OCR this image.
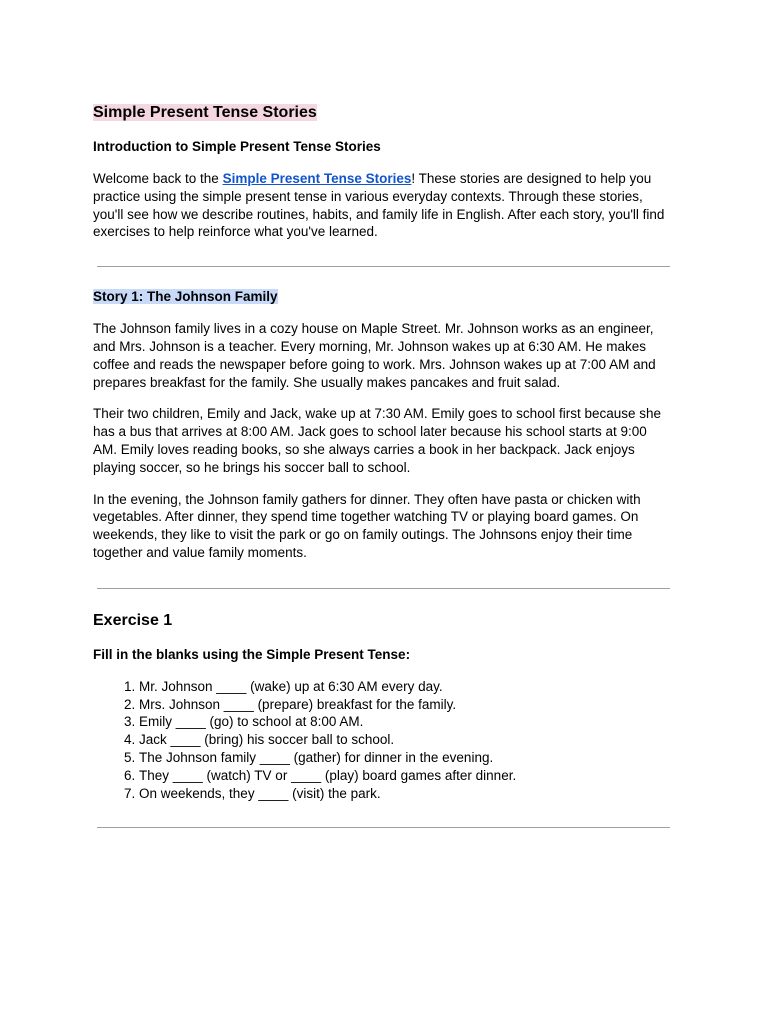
Simple Present Tense Stories
Introduction to Simple Present Tense Stories

Welcome back to the Simple Present Tense Stories! These stories are designed to help you practice using the simple present tense in various everyday contexts. Through these stories, you'll see how we describe routines, habits, and family life in English. After each story, you'll find exercises to help reinforce what you've learned.

Story 1: The Johnson Family

The Johnson family lives in a cozy house on Maple Street. Mr. Johnson works as an engineer, and Mrs. Johnson is a teacher. Every morning, Mr. Johnson wakes up at 6:30 AM. He makes coffee and reads the newspaper before going to work. Mrs. Johnson wakes up at 7:00 AM and prepares breakfast for the family. She usually makes pancakes and fruit salad.

Their two children, Emily and Jack, wake up at 7:30 AM. Emily goes to school first because she has a bus that arrives at 8:00 AM. Jack goes to school later because his school starts at 9:00 AM. Emily loves reading books, so she always carries a book in her backpack. Jack enjoys playing soccer, so he brings his soccer ball to school.

In the evening, the Johnson family gathers for dinner. They often have pasta or chicken with vegetables. After dinner, they spend time together watching TV or playing board games. On weekends, they like to visit the park or go on family outings. The Johnsons enjoy their time together and value family moments.

Exercise 1
Fill in the blanks using the Simple Present Tense:
1. Mr. Johnson ____ (wake) up at 6:30 AM every day.
2. Mrs. Johnson ____ (prepare) breakfast for the family.
3. Emily ____ (go) to school at 8:00 AM.
4. Jack ____ (bring) his soccer ball to school.
5. The Johnson family ____ (gather) for dinner in the evening.
6. They ____ (watch) TV or ____ (play) board games after dinner.
7. On weekends, they ____ (visit) the park.
